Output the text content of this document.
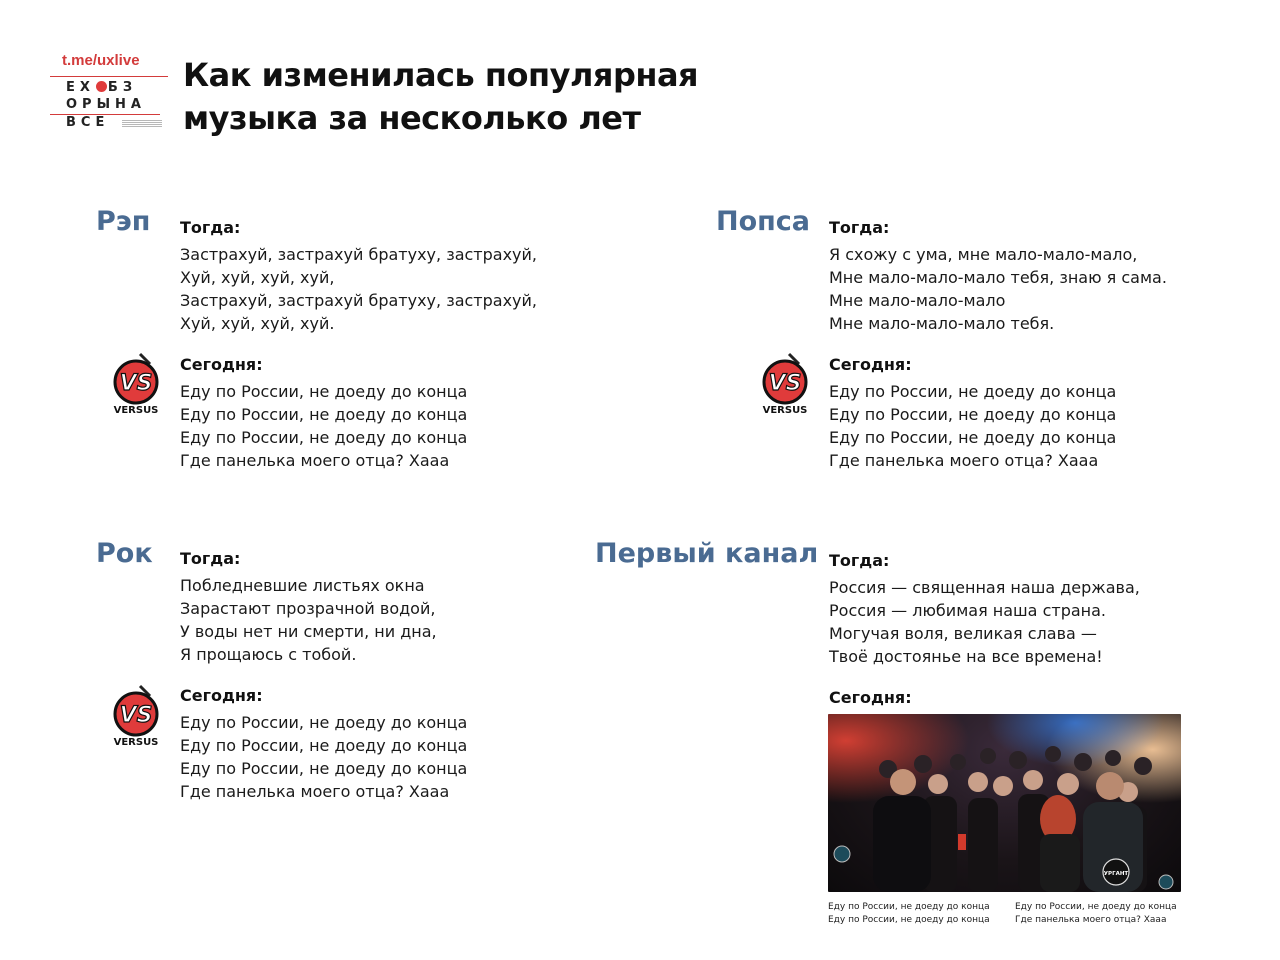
t.me/uxlive
ЕХ БЗ
ОРЫНА
ВСЕ
Как изменилась популярная
музыка за несколько лет
Рэп Тогда:
Застрахуй, застрахуй братуху, застрахуй,
Хуй, хуй, хуй, хуй,
Застрахуй, застрахуй братуху, застрахуй,
Хуй, хуй, хуй, хуй.
Сегодня:
Еду по России, не доеду до конца
Еду по России, не доеду до конца
Еду по России, не доеду до конца
Где панелька моего отца? Хааа
Попса Тогда:
Я схожу с ума, мне мало-мало-мало,
Мне мало-мало-мало тебя, знаю я сама.
Мне мало-мало-мало
Мне мало-мало-мало тебя.
Сегодня:
Еду по России, не доеду до конца
Еду по России, не доеду до конца
Еду по России, не доеду до конца
Где панелька моего отца? Хааа
Рок Тогда:
Побледневшие листьях окна
Зарастают прозрачной водой,
У воды нет ни смерти, ни дна,
Я прощаюсь с тобой.
Сегодня:
Еду по России, не доеду до конца
Еду по России, не доеду до конца
Еду по России, не доеду до конца
Где панелька моего отца? Хааа
Первый канал Тогда:
Россия — священная наша держава,
Россия — любимая наша страна.
Могучая воля, великая слава —
Твоё достоянье на все времена!
Сегодня:
VS
VERSUS
VS
VERSUS
VS
VERSUS
УРГАНТ
Еду по России, не доеду до конца
Еду по России, не доеду до конца
Еду по России, не доеду до конца
Где панелька моего отца? Хааа
